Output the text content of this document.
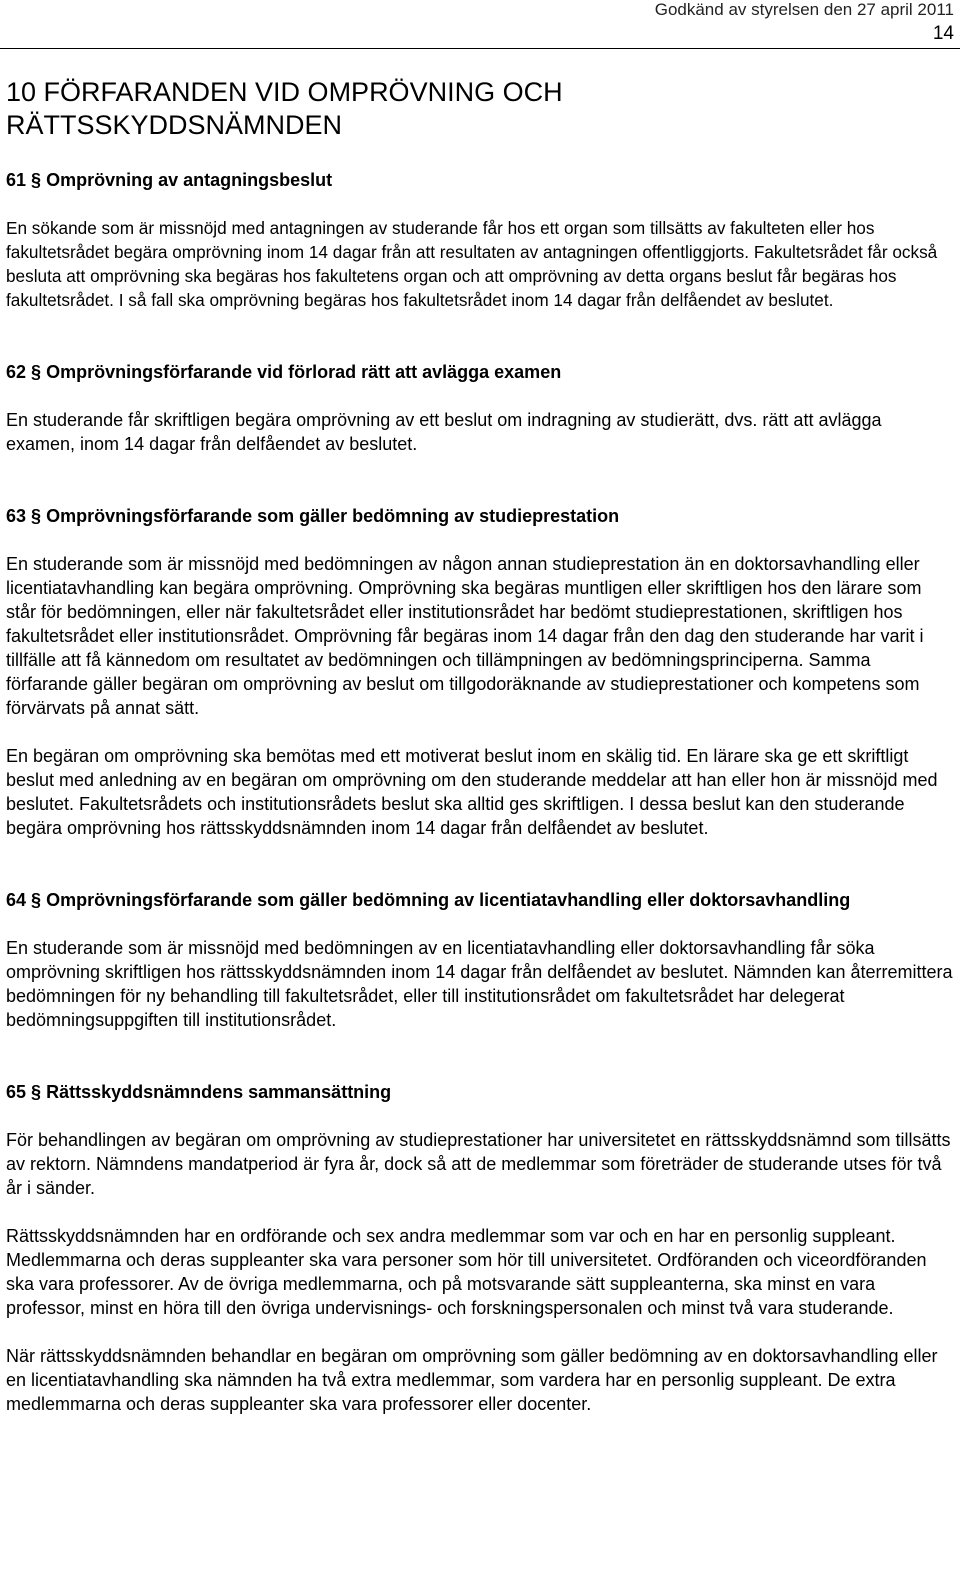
Godkänd av styrelsen den 27 april 2011
14
10 FÖRFARANDEN VID OMPRÖVNING OCH
RÄTTSSKYDDSNÄMNDEN
61 § Omprövning av antagningsbeslut

En sökande som är missnöjd med antagningen av studerande får hos ett organ som tillsätts av fakulteten eller hos fakultetsrådet begära omprövning inom 14 dagar från att resultaten av antagningen offentliggjorts. Fakultetsrådet får också besluta att omprövning ska begäras hos fakultetens organ och att omprövning av detta organs beslut får begäras hos fakultetsrådet. I så fall ska omprövning begäras hos fakultetsrådet inom 14 dagar från delfåendet av beslutet.

62 § Omprövningsförfarande vid förlorad rätt att avlägga examen

En studerande får skriftligen begära omprövning av ett beslut om indragning av studierätt, dvs. rätt att avlägga examen, inom 14 dagar från delfåendet av beslutet.

63 § Omprövningsförfarande som gäller bedömning av studieprestation

En studerande som är missnöjd med bedömningen av någon annan studieprestation än en doktorsavhandling eller licentiatavhandling kan begära omprövning. Omprövning ska begäras muntligen eller skriftligen hos den lärare som står för bedömningen, eller när fakultetsrådet eller institutionsrådet har bedömt studieprestationen, skriftligen hos fakultetsrådet eller institutionsrådet. Omprövning får begäras inom 14 dagar från den dag den studerande har varit i tillfälle att få kännedom om resultatet av bedömningen och tillämpningen av bedömningsprinciperna. Samma förfarande gäller begäran om omprövning av beslut om tillgodoräknande av studieprestationer och kompetens som förvärvats på annat sätt.

En begäran om omprövning ska bemötas med ett motiverat beslut inom en skälig tid. En lärare ska ge ett skriftligt beslut med anledning av en begäran om omprövning om den studerande meddelar att han eller hon är missnöjd med beslutet. Fakultetsrådets och institutionsrådets beslut ska alltid ges skriftligen. I dessa beslut kan den studerande begära omprövning hos rättsskyddsnämnden inom 14 dagar från delfåendet av beslutet.

64 § Omprövningsförfarande som gäller bedömning av licentiatavhandling eller doktorsavhandling

En studerande som är missnöjd med bedömningen av en licentiatavhandling eller doktorsavhandling får söka omprövning skriftligen hos rättsskyddsnämnden inom 14 dagar från delfåendet av beslutet. Nämnden kan återremittera bedömningen för ny behandling till fakultetsrådet, eller till institutionsrådet om fakultetsrådet har delegerat bedömningsuppgiften till institutionsrådet.

65 § Rättsskyddsnämndens sammansättning

För behandlingen av begäran om omprövning av studieprestationer har universitetet en rättsskyddsnämnd som tillsätts av rektorn. Nämndens mandatperiod är fyra år, dock så att de medlemmar som företräder de studerande utses för två år i sänder.

Rättsskyddsnämnden har en ordförande och sex andra medlemmar som var och en har en personlig suppleant. Medlemmarna och deras suppleanter ska vara personer som hör till universitetet. Ordföranden och viceordföranden ska vara professorer. Av de övriga medlemmarna, och på motsvarande sätt suppleanterna, ska minst en vara professor, minst en höra till den övriga undervisnings- och forskningspersonalen och minst två vara studerande.

När rättsskyddsnämnden behandlar en begäran om omprövning som gäller bedömning av en doktorsavhandling eller en licentiatavhandling ska nämnden ha två extra medlemmar, som vardera har en personlig suppleant. De extra medlemmarna och deras suppleanter ska vara professorer eller docenter.
